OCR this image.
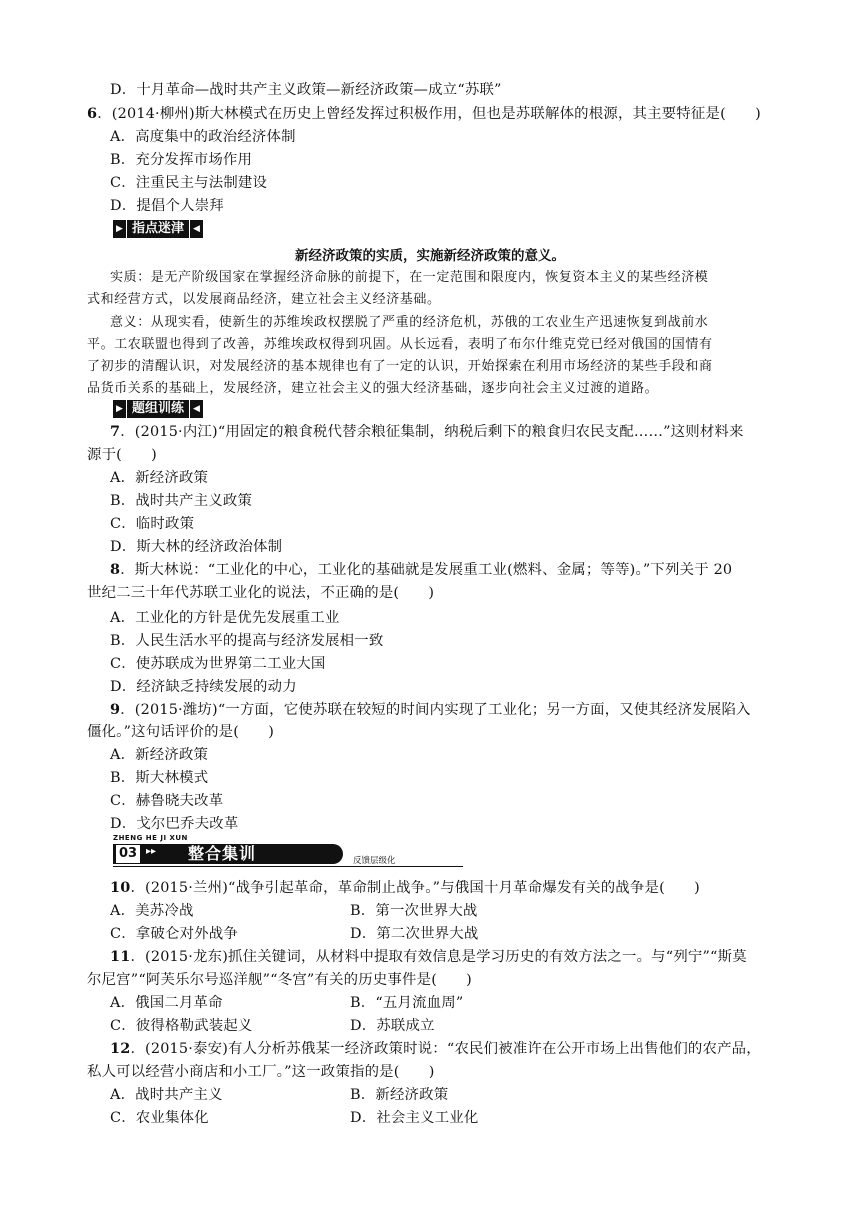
D．十月革命—战时共产主义政策—新经济政策—成立“苏联”
6．(2014·柳州)斯大林模式在历史上曾经发挥过积极作用，但也是苏联解体的根源，其主要特征是(　　)
A．高度集中的政治经济体制
B．充分发挥市场作用
C．注重民主与法制建设
D．提倡个人崇拜
▶ 指点迷津	◀
新经济政策的实质，实施新经济政策的意义。
实质：是无产阶级国家在掌握经济命脉的前提下，在一定范围和限度内，恢复资本主义的某些经济模
式和经营方式，以发展商品经济，建立社会主义经济基础。
意义：从现实看，使新生的苏维埃政权摆脱了严重的经济危机，苏俄的工农业生产迅速恢复到战前水
平。工农联盟也得到了改善，苏维埃政权得到巩固。从长远看，表明了布尔什维克党已经对俄国的国情有
了初步的清醒认识，对发展经济的基本规律也有了一定的认识，开始探索在利用市场经济的某些手段和商
品货币关系的基础上，发展经济，建立社会主义的强大经济基础，逐步向社会主义过渡的道路。
▶ 题组训练	◀
7．(2015·内江)“用固定的粮食税代替余粮征集制，纳税后剩下的粮食归农民支配……”这则材料来
源于(　　)
A．新经济政策
B．战时共产主义政策
C．临时政策
D．斯大林的经济政治体制
8．斯大林说：“工业化的中心，工业化的基础就是发展重工业(燃料、金属；等等)。”下列关于 20
世纪二三十年代苏联工业化的说法，不正确的是(　　)
A．工业化的方针是优先发展重工业
B．人民生活水平的提高与经济发展相一致
C．使苏联成为世界第二工业大国
D．经济缺乏持续发展的动力
9．(2015·潍坊)“一方面，它使苏联在较短的时间内实现了工业化；另一方面，又使其经济发展陷入
僵化。”这句话评价的是(　　)
A．新经济政策
B．斯大林模式
C．赫鲁晓夫改革
D．戈尔巴乔夫改革
ZHENG HE JI XUN
03 ▸▸ 整合集训	反馈层级化
10．(2015·兰州)“战争引起革命，革命制止战争。”与俄国十月革命爆发有关的战争是(　　)
A．美苏冷战	B．第一次世界大战
C．拿破仑对外战争	D．第二次世界大战
11．(2015·龙东)抓住关键词，从材料中提取有效信息是学习历史的有效方法之一。与“列宁”“斯莫
尔尼宫”“阿芙乐尔号巡洋舰”“冬宫”有关的历史事件是(　　)
A．俄国二月革命	B．“五月流血周”
C．彼得格勒武装起义	D．苏联成立
12．(2015·泰安)有人分析苏俄某一经济政策时说：“农民们被准许在公开市场上出售他们的农产品，
私人可以经营小商店和小工厂。”这一政策指的是(　　)
A．战时共产主义	B．新经济政策
C．农业集体化	D．社会主义工业化
